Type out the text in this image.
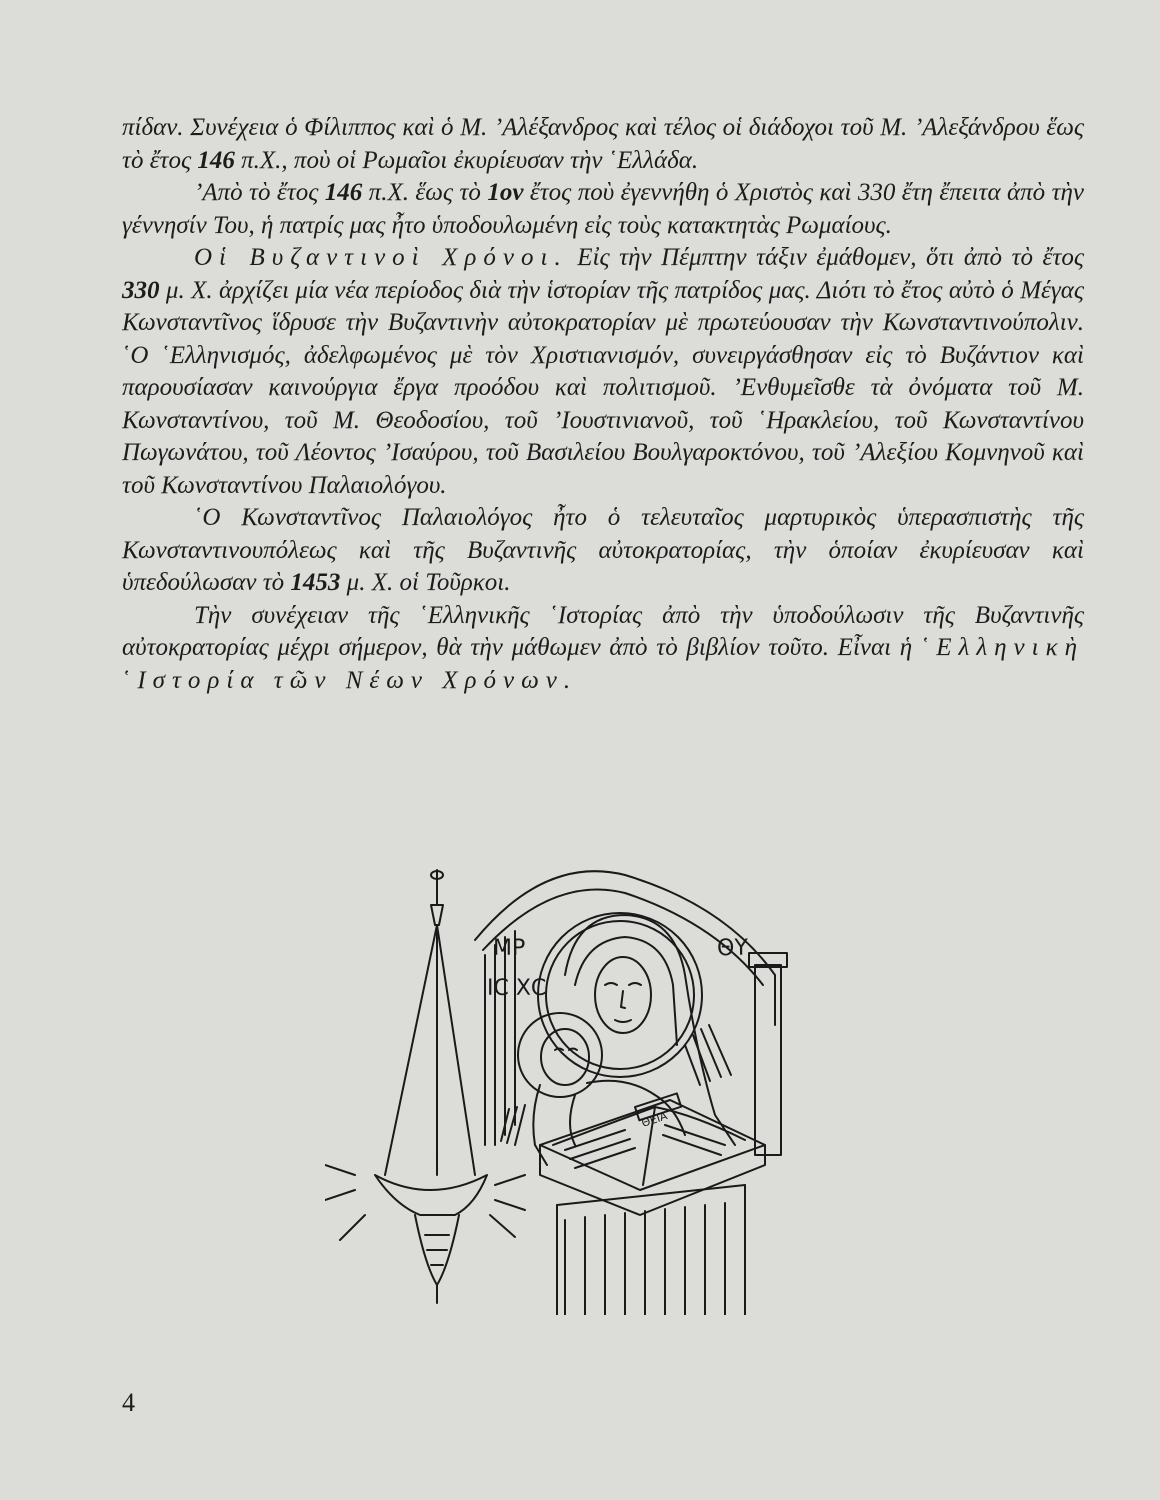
πίδαν. Συνέχεια ὁ Φίλιππος καὶ ὁ Μ. ’Αλέξανδρος καὶ τέλος οἱ διάδοχοι τοῦ Μ. ’Αλεξάνδρου ἕως τὸ ἔτος 146 π.Χ., ποὺ οἱ Ρωμαῖοι ἐκυρίευσαν τὴν ῾Ελλάδα.

’Απὸ τὸ ἔτος 146 π.Χ. ἕως τὸ 1ον ἔτος ποὺ ἐγεννήθη ὁ Χριστὸς καὶ 330 ἔτη ἔπειτα ἀπὸ τὴν γέννησίν Του, ἡ πατρίς μας ἦτο ὑποδουλωμένη εἰς τοὺς κατακτητὰς Ρωμαίους.

Οἱ Βυζαντινοὶ Χρόνοι. Εἰς τὴν Πέμπτην τάξιν ἐμάθομεν, ὅτι ἀπὸ τὸ ἔτος 330 μ. Χ. ἀρχίζει μία νέα περίοδος διὰ τὴν ἱστορίαν τῆς πατρίδος μας. Διότι τὸ ἔτος αὐτὸ ὁ Μέγας Κωνσταντῖνος ἵδρυσε τὴν Βυζαντινὴν αὐτοκρατορίαν μὲ πρωτεύουσαν τὴν Κωνσταντινούπολιν. ῾Ο ῾Ελληνισμός, ἀδελφωμένος μὲ τὸν Χριστιανισμόν, συνειργάσθησαν εἰς τὸ Βυζάντιον καὶ παρουσίασαν καινούργια ἔργα προόδου καὶ πολιτισμοῦ. ’Ενθυμεῖσθε τὰ ὀνόματα τοῦ Μ. Κωνσταντίνου, τοῦ Μ. Θεοδοσίου, τοῦ ’Ιουστινιανοῦ, τοῦ ῾Ηρακλείου, τοῦ Κωνσταντίνου Πωγωνάτου, τοῦ Λέοντος ’Ισαύρου, τοῦ Βασιλείου Βουλγαροκτόνου, τοῦ ’Αλεξίου Κομνηνοῦ καὶ τοῦ Κωνσταντίνου Παλαιολόγου.

῾Ο Κωνσταντῖνος Παλαιολόγος ἦτο ὁ τελευταῖος μαρτυρικὸς ὑπερασπιστὴς τῆς Κωνσταντινουπόλεως καὶ τῆς Βυζαντινῆς αὐτοκρατορίας, τὴν ὁποίαν ἐκυρίευσαν καὶ ὑπεδούλωσαν τὸ 1453 μ. Χ. οἱ Τοῦρκοι.

Τὴν συνέχειαν τῆς ῾Ελληνικῆς ῾Ιστορίας ἀπὸ τὴν ὑποδούλωσιν τῆς Βυζαντινῆς αὐτοκρατορίας μέχρι σήμερον, θὰ τὴν μάθωμεν ἀπὸ τὸ βιβλίον τοῦτο. Εἶναι ἡ ῾Ελληνικὴ ῾Ιστορία τῶν Νέων Χρόνων.

ΜΡ
ΙC ΧC
ΘΥ
ΘΕΙΑ
4
